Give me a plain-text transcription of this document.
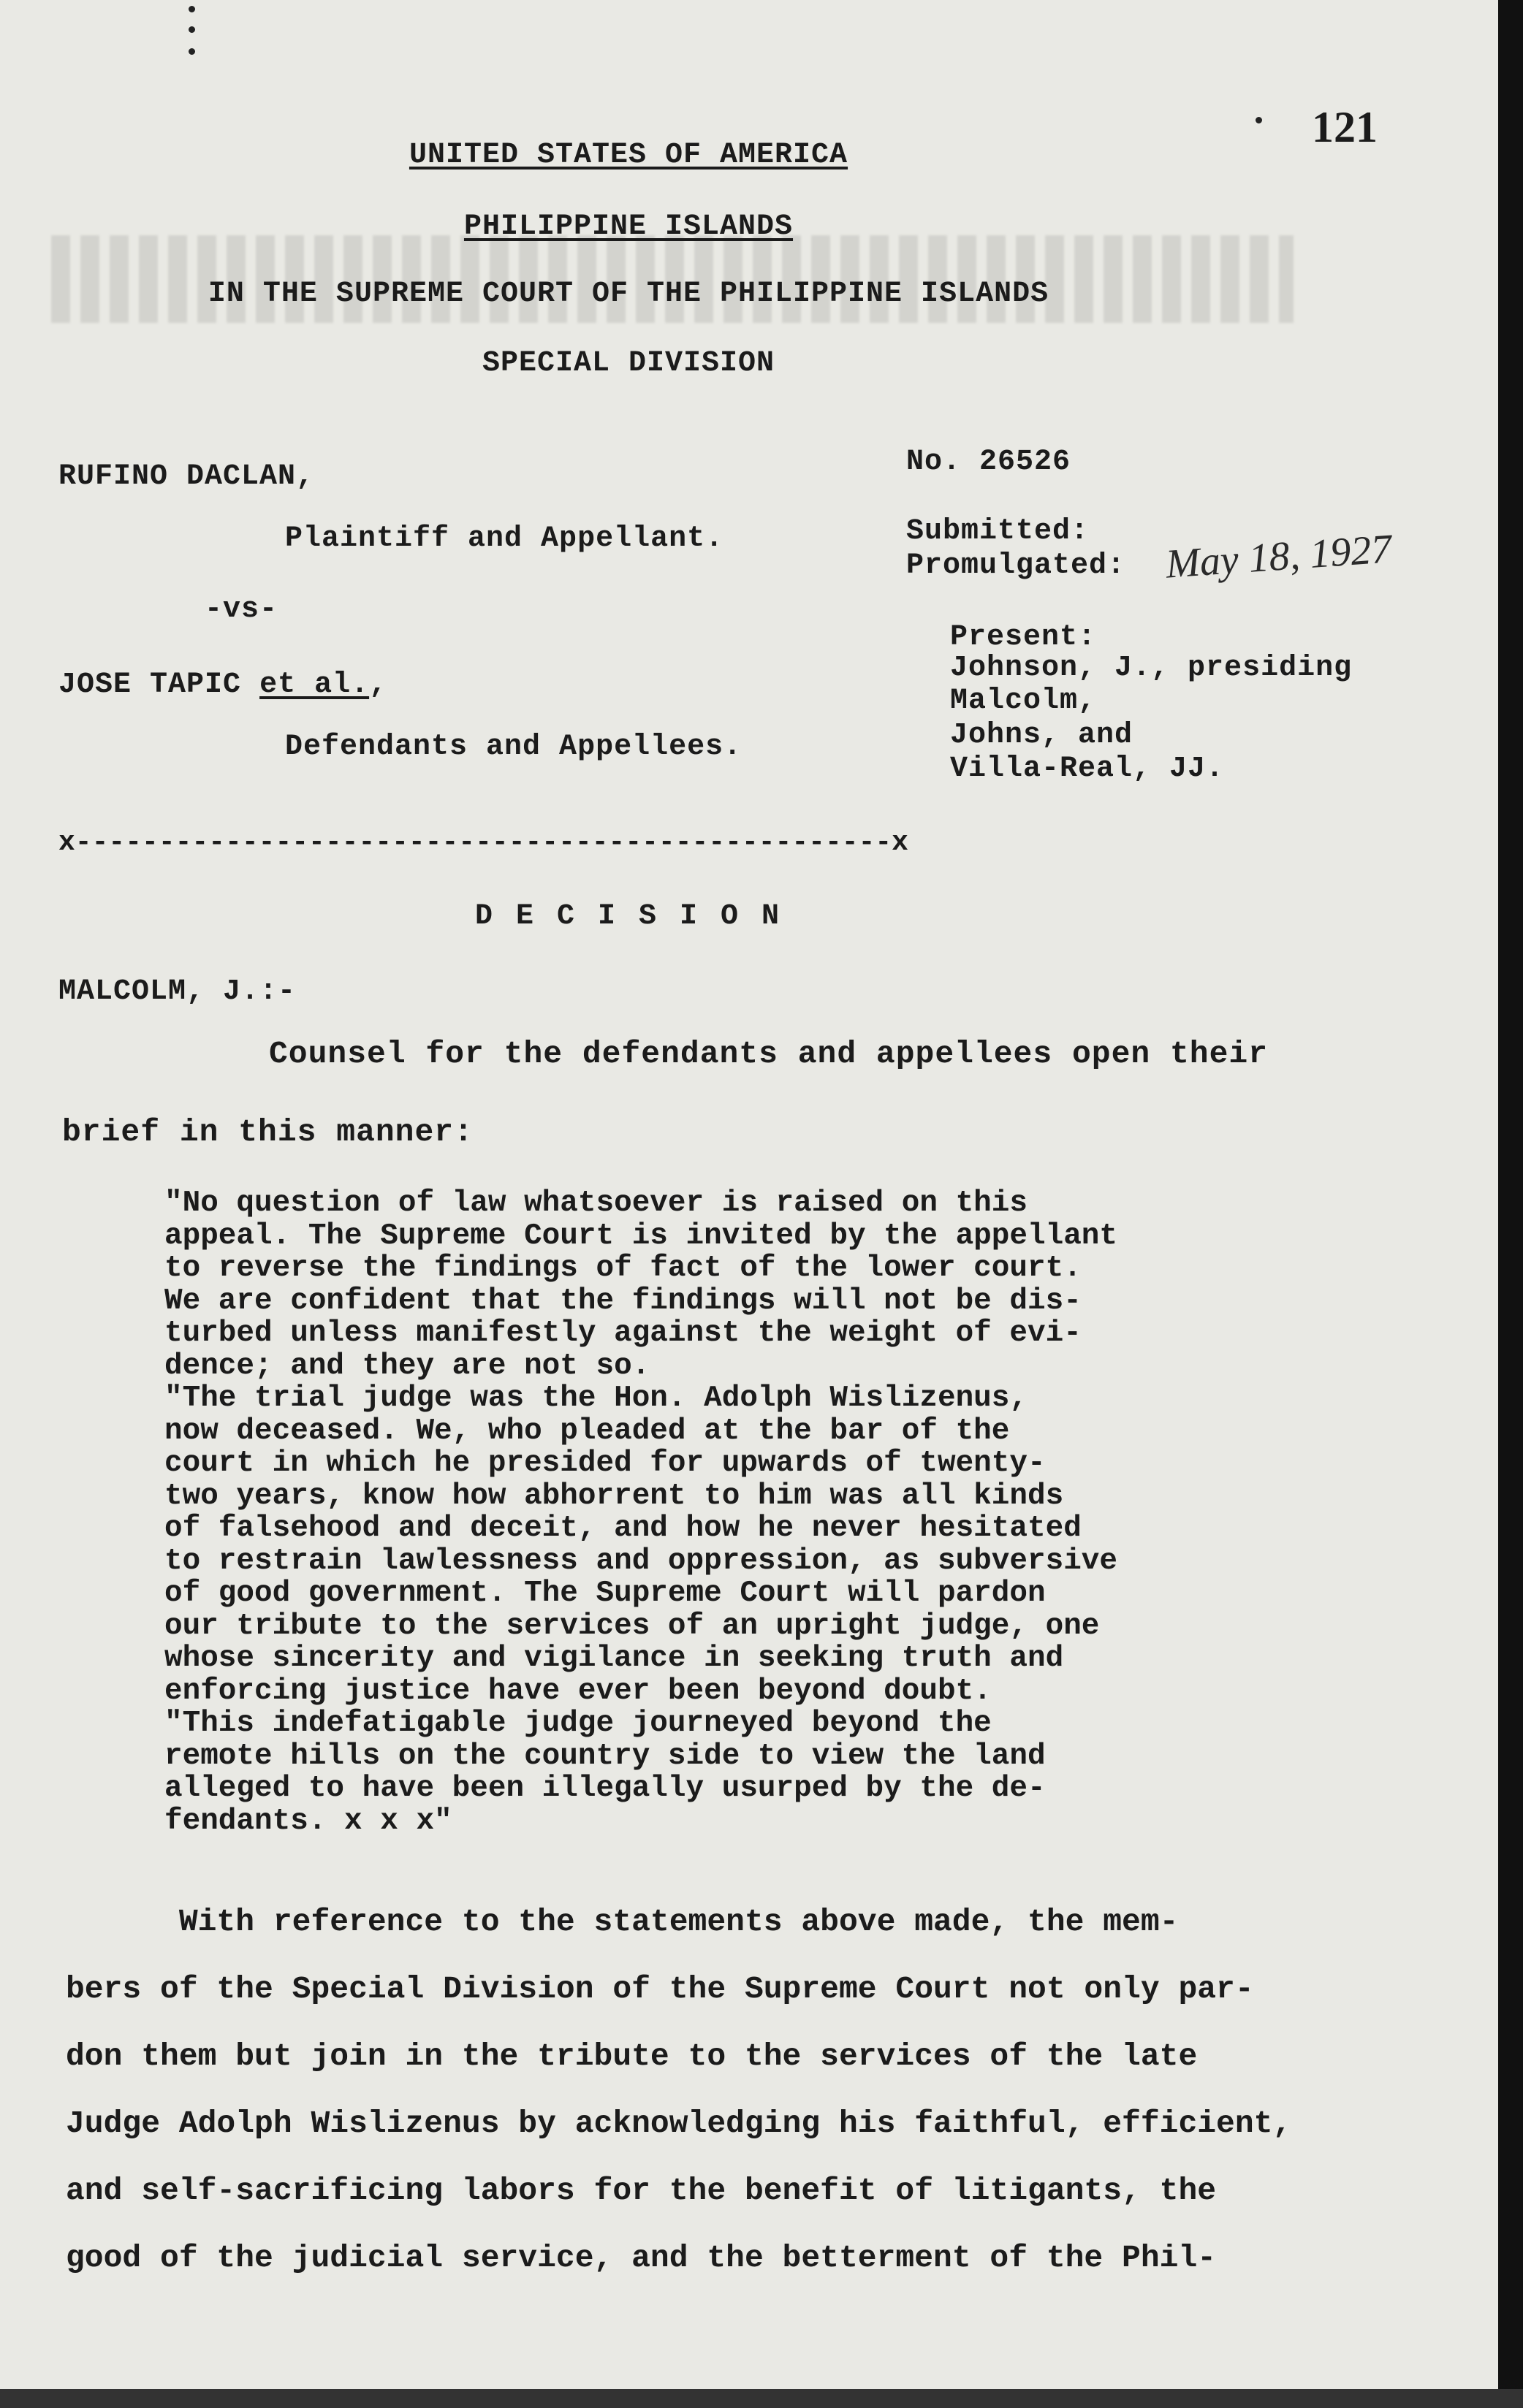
121
UNITED STATES OF AMERICA
PHILIPPINE ISLANDS
IN THE SUPREME COURT OF THE PHILIPPINE ISLANDS
SPECIAL DIVISION
RUFINO DACLAN,
Plaintiff and Appellant.
-vs-
JOSE TAPIC et al.,
Defendants and Appellees.
No. 26526
Submitted:
Promulgated: May 18, 1927
Present:
Johnson, J., presiding
Malcolm,
Johns, and
Villa-Real, JJ.
x-------------------------------------------------x
D E C I S I O N
MALCOLM, J.:-
Counsel for the defendants and appellees open their
brief in this manner:
"No question of law whatsoever is raised on this
appeal. The Supreme Court is invited by the appellant
to reverse the findings of fact of the lower court.
We are confident that the findings will not be dis-
turbed unless manifestly against the weight of evi-
dence; and they are not so.
"The trial judge was the Hon. Adolph Wislizenus,
now deceased. We, who pleaded at the bar of the
court in which he presided for upwards of twenty-
two years, know how abhorrent to him was all kinds
of falsehood and deceit, and how he never hesitated
to restrain lawlessness and oppression, as subversive
of good government. The Supreme Court will pardon
our tribute to the services of an upright judge, one
whose sincerity and vigilance in seeking truth and
enforcing justice have ever been beyond doubt.
"This indefatigable judge journeyed beyond the
remote hills on the country side to view the land
alleged to have been illegally usurped by the de-
fendants. x x x"
With reference to the statements above made, the mem-
bers of the Special Division of the Supreme Court not only par-
don them but join in the tribute to the services of the late
Judge Adolph Wislizenus by acknowledging his faithful, efficient,
and self-sacrificing labors for the benefit of litigants, the
good of the judicial service, and the betterment of the Phil-
